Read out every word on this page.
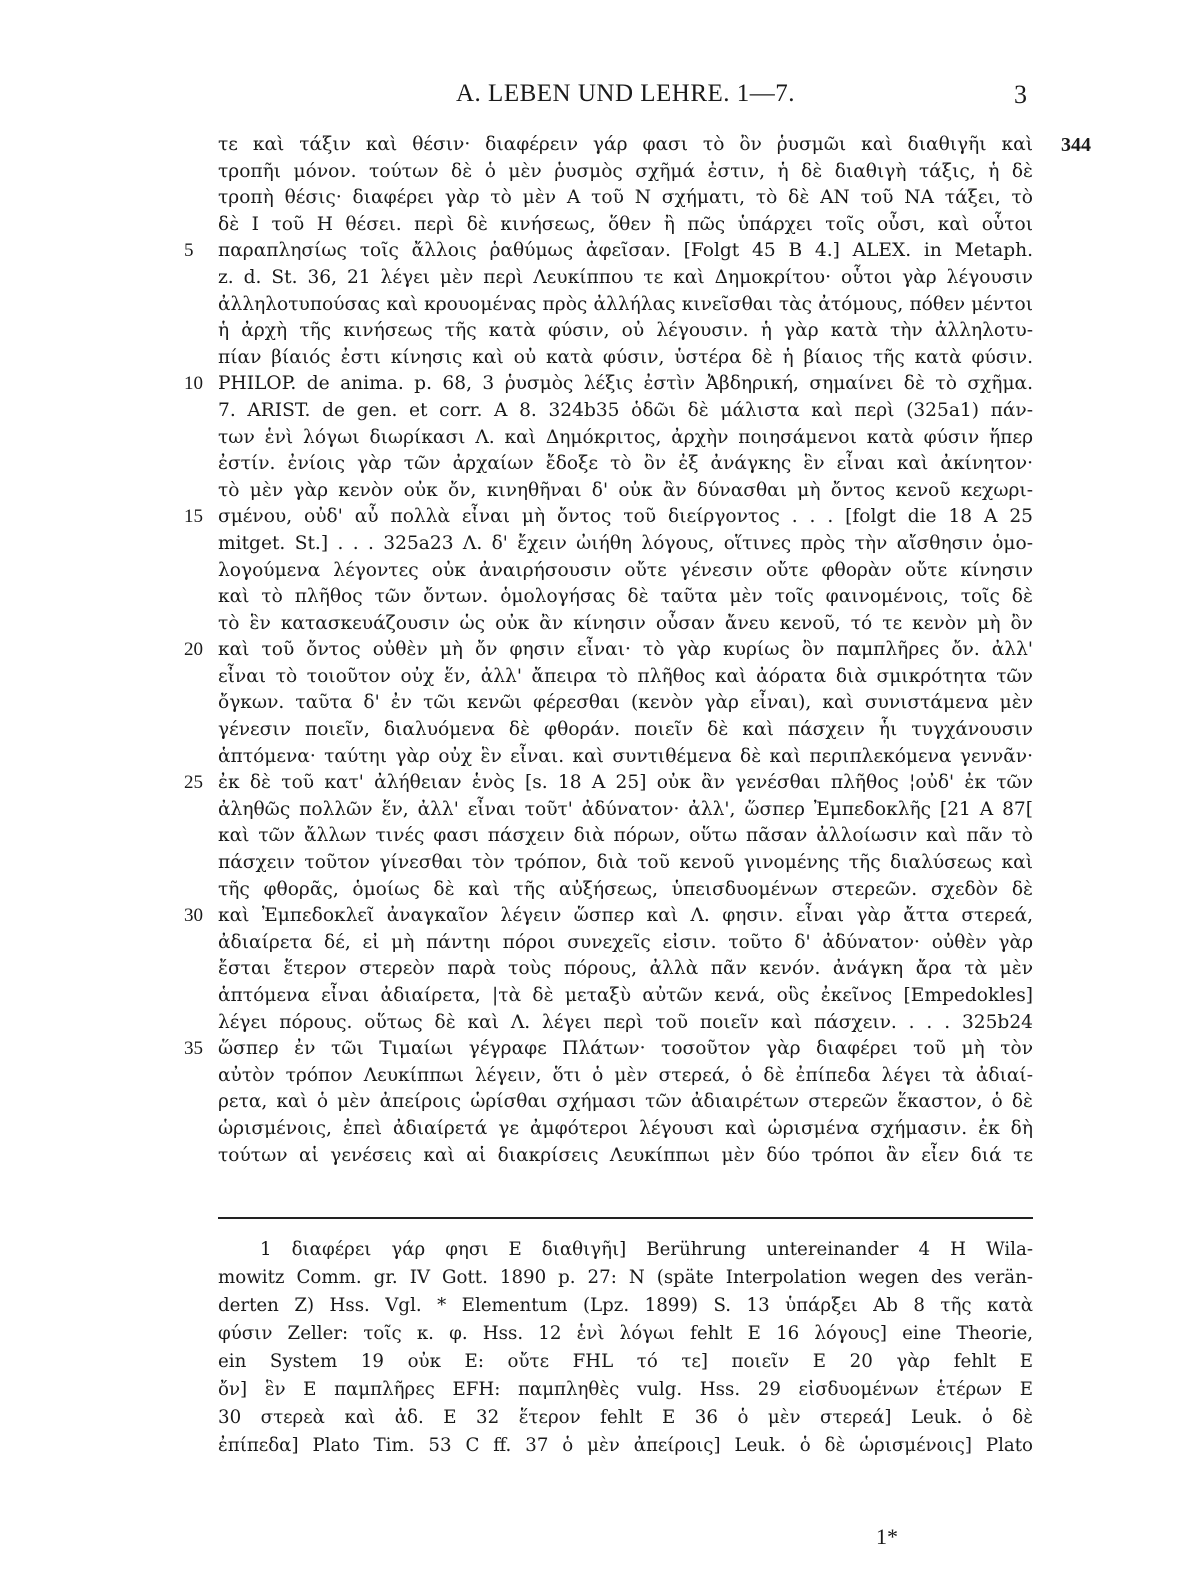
A. LEBEN UND LEHRE. 1—7.	3
τε καὶ τάξιν καὶ θέσιν· διαφέρειν γάρ φασι τὸ ὂν ῥυσμῶι καὶ διαθιγῆι καὶ 344
τροπῆι μόνον. τούτων δὲ ὁ μὲν ῥυσμὸς σχῆμά ἐστιν, ἡ δὲ διαθιγὴ τάξις, ἡ δὲ
τροπὴ θέσις· διαφέρει γὰρ τὸ μὲν Α τοῦ Ν σχήματι, τὸ δὲ ΑΝ τοῦ ΝΑ τάξει, τὸ
δὲ Ι τοῦ Η θέσει. περὶ δὲ κινήσεως, ὅθεν ἢ πῶς ὑπάρχει τοῖς οὖσι, καὶ οὗτοι
παραπλησίως τοῖς ἄλλοις ῥαθύμως ἀφεῖσαν. [Folgt 45 B 4.] ALEX. in Metaph.
5
z. d. St. 36, 21 λέγει μὲν περὶ Λευκίππου τε καὶ Δημοκρίτου· οὗτοι γὰρ λέγουσιν
ἀλληλοτυπούσας καὶ κρουομένας πρὸς ἀλλήλας κινεῖσθαι τὰς ἀτόμους, πόθεν μέντοι
ἡ ἀρχὴ τῆς κινήσεως τῆς κατὰ φύσιν, οὐ λέγουσιν. ἡ γὰρ κατὰ τὴν ἀλληλοτυ-
πίαν βίαιός ἐστι κίνησις καὶ οὐ κατὰ φύσιν, ὑστέρα δὲ ἡ βίαιος τῆς κατὰ φύσιν.
PHILOP. de anima. p. 68, 3 ῥυσμὸς λέξις ἐστὶν Ἀβδηρική, σημαίνει δὲ τὸ σχῆμα.
10
7. ARIST. de gen. et corr. A 8. 324b35 ὁδῶι δὲ μάλιστα καὶ περὶ (325a1) πάν-
των ἑνὶ λόγωι διωρίκασι Λ. καὶ Δημόκριτος, ἀρχὴν ποιησάμενοι κατὰ φύσιν ἥπερ
ἐστίν. ἐνίοις γὰρ τῶν ἀρχαίων ἔδοξε τὸ ὂν ἐξ ἀνάγκης ἓν εἶναι καὶ ἀκίνητον·
τὸ μὲν γὰρ κενὸν οὐκ ὄν, κινηθῆναι δ' οὐκ ἂν δύνασθαι μὴ ὄντος κενοῦ κεχωρι-
σμένου, οὐδ' αὖ πολλὰ εἶναι μὴ ὄντος τοῦ διείργοντος . . . [folgt die 18 A 25
15
mitget. St.] . . . 325a23 Λ. δ' ἔχειν ὠιήθη λόγους, οἵτινες πρὸς τὴν αἴσθησιν ὁμο-
λογούμενα λέγοντες οὐκ ἀναιρήσουσιν οὔτε γένεσιν οὔτε φθορὰν οὔτε κίνησιν
καὶ τὸ πλῆθος τῶν ὄντων. ὁμολογήσας δὲ ταῦτα μὲν τοῖς φαινομένοις, τοῖς δὲ
τὸ ἓν κατασκευάζουσιν ὡς οὐκ ἂν κίνησιν οὖσαν ἄνευ κενοῦ, τό τε κενὸν μὴ ὂν
καὶ τοῦ ὄντος οὐθὲν μὴ ὄν φησιν εἶναι· τὸ γὰρ κυρίως ὂν παμπλῆρες ὄν. ἀλλ'
20
εἶναι τὸ τοιοῦτον οὐχ ἕν, ἀλλ' ἄπειρα τὸ πλῆθος καὶ ἀόρατα διὰ σμικρότητα τῶν
ὄγκων. ταῦτα δ' ἐν τῶι κενῶι φέρεσθαι (κενὸν γὰρ εἶναι), καὶ συνιστάμενα μὲν
γένεσιν ποιεῖν, διαλυόμενα δὲ φθοράν. ποιεῖν δὲ καὶ πάσχειν ἧι τυγχάνουσιν
ἁπτόμενα· ταύτηι γὰρ οὐχ ἓν εἶναι. καὶ συντιθέμενα δὲ καὶ περιπλεκόμενα γεννᾶν·
ἐκ δὲ τοῦ κατ' ἀλήθειαν ἑνὸς [s. 18 A 25] οὐκ ἂν γενέσθαι πλῆθος ¦οὐδ' ἐκ τῶν
25
ἀληθῶς πολλῶν ἕν, ἀλλ' εἶναι τοῦτ' ἀδύνατον· ἀλλ', ὥσπερ Ἐμπεδοκλῆς [21 A 87[
καὶ τῶν ἄλλων τινές φασι πάσχειν διὰ πόρων, οὕτω πᾶσαν ἀλλοίωσιν καὶ πᾶν τὸ
πάσχειν τοῦτον γίνεσθαι τὸν τρόπον, διὰ τοῦ κενοῦ γινομένης τῆς διαλύσεως καὶ
τῆς φθορᾶς, ὁμοίως δὲ καὶ τῆς αὐξήσεως, ὑπεισδυομένων στερεῶν. σχεδὸν δὲ
καὶ Ἐμπεδοκλεῖ ἀναγκαῖον λέγειν ὥσπερ καὶ Λ. φησιν. εἶναι γὰρ ἄττα στερεά,
30
ἀδιαίρετα δέ, εἰ μὴ πάντηι πόροι συνεχεῖς εἰσιν. τοῦτο δ' ἀδύνατον· οὐθὲν γὰρ
ἔσται ἕτερον στερεὸν παρὰ τοὺς πόρους, ἀλλὰ πᾶν κενόν. ἀνάγκη ἄρα τὰ μὲν
ἁπτόμενα εἶναι ἀδιαίρετα, |τὰ δὲ μεταξὺ αὐτῶν κενά, οὓς ἐκεῖνος [Empedokles]
λέγει πόρους. οὕτως δὲ καὶ Λ. λέγει περὶ τοῦ ποιεῖν καὶ πάσχειν. . . . 325b24
ὥσπερ ἐν τῶι Τιμαίωι γέγραφε Πλάτων· τοσοῦτον γὰρ διαφέρει τοῦ μὴ τὸν
35
αὐτὸν τρόπον Λευκίππωι λέγειν, ὅτι ὁ μὲν στερεά, ὁ δὲ ἐπίπεδα λέγει τὰ ἀδιαί-
ρετα, καὶ ὁ μὲν ἀπείροις ὡρίσθαι σχήμασι τῶν ἀδιαιρέτων στερεῶν ἕκαστον, ὁ δὲ
ὡρισμένοις, ἐπεὶ ἀδιαίρετά γε ἀμφότεροι λέγουσι καὶ ὡρισμένα σχήμασιν. ἐκ δὴ
τούτων αἱ γενέσεις καὶ αἱ διακρίσεις Λευκίππωι μὲν δύο τρόποι ἂν εἶεν διά τε
1 διαφέρει γάρ φησι E διαθιγῆι] Berührung untereinander 4 H Wila-
mowitz Comm. gr. IV Gott. 1890 p. 27: N (späte Interpolation wegen des verän-
derten Z) Hss. Vgl. * Elementum (Lpz. 1899) S. 13 ὑπάρξει Ab 8 τῆς κατὰ
φύσιν Zeller: τοῖς κ. φ. Hss. 12 ἑνὶ λόγωι fehlt E 16 λόγους] eine Theorie,
ein System 19 οὐκ E: οὔτε FHL τό τε] ποιεῖν E 20 γὰρ fehlt E
ὄν] ἓν E παμπλῆρες EFH: παμπληθὲς vulg. Hss. 29 εἰσδυομένων ἑτέρων E
30 στερεὰ καὶ ἀδ. E 32 ἕτερον fehlt E 36 ὁ μὲν στερεά] Leuk. ὁ δὲ
ἐπίπεδα] Plato Tim. 53 C ff. 37 ὁ μὲν ἀπείροις] Leuk. ὁ δὲ ὡρισμένοις] Plato
1*
